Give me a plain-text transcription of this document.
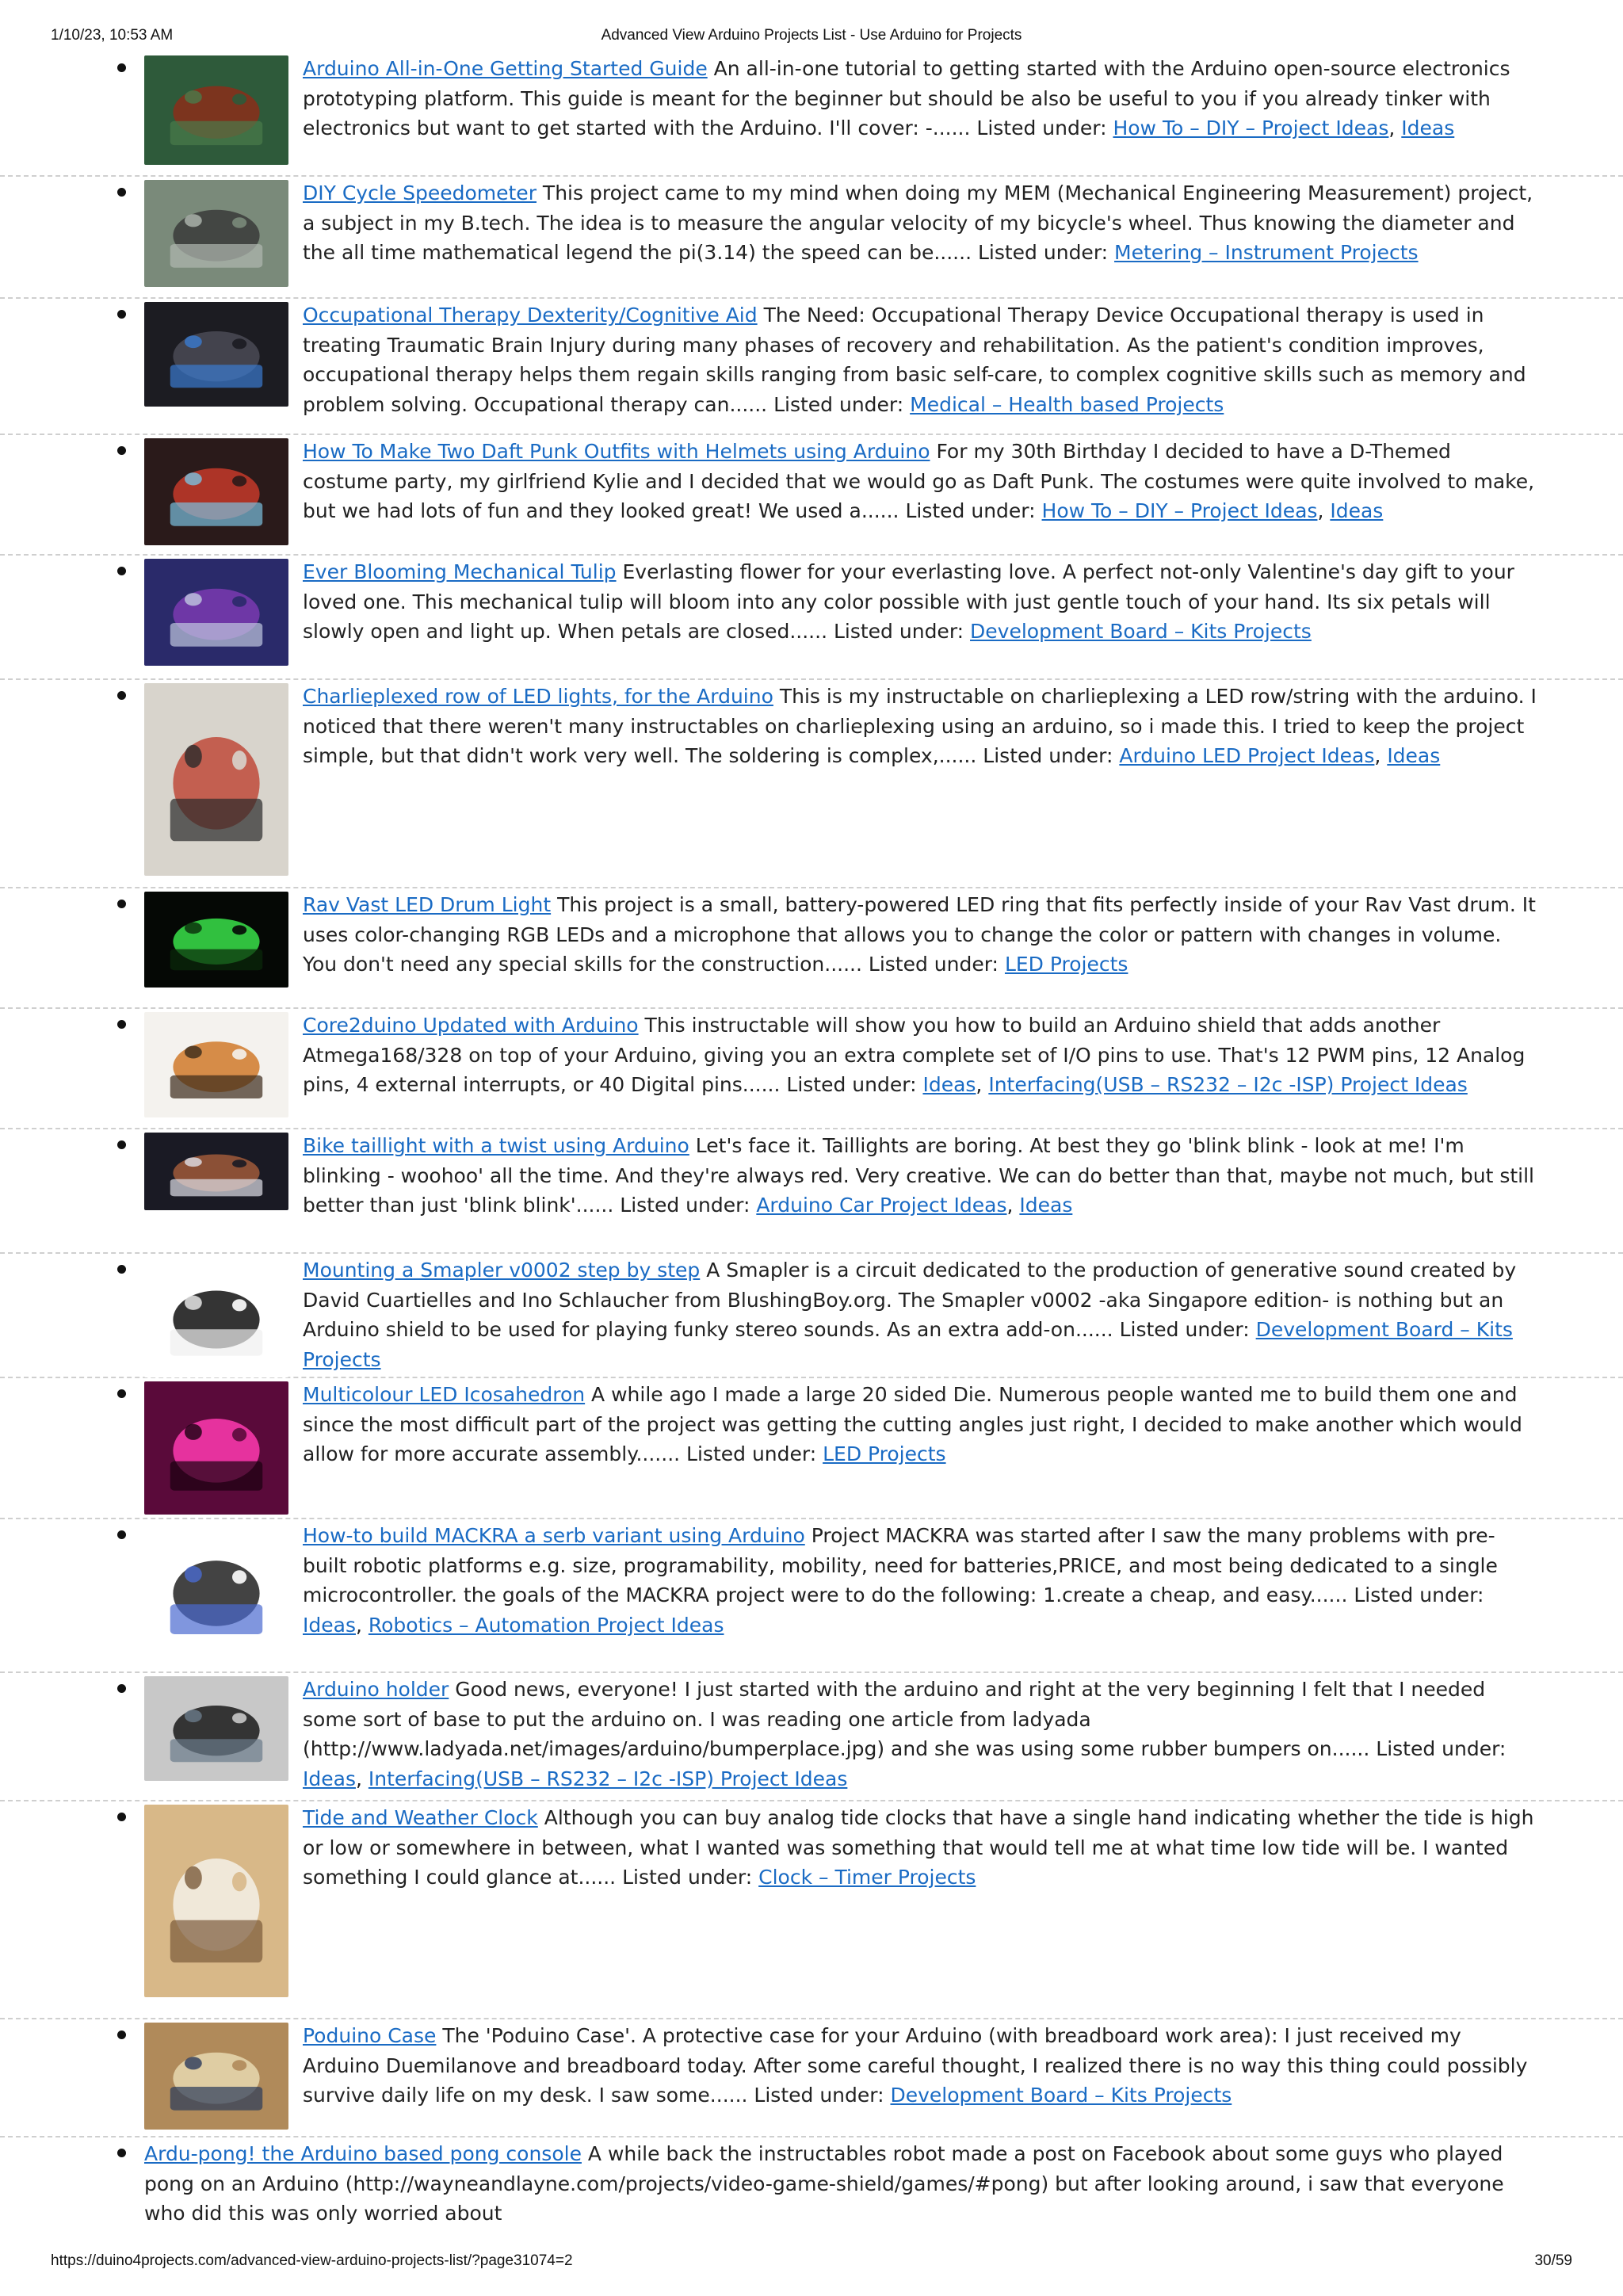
1/10/23, 10:53 AM	Advanced View Arduino Projects List - Use Arduino for Projects
Arduino All-in-One Getting Started Guide An all-in-one tutorial to getting started with the Arduino open-source electronics prototyping platform. This guide is meant for the beginner but should be also be useful to you if you already tinker with electronics but want to get started with the Arduino. I'll cover: -...... Listed under: How To – DIY – Project Ideas, Ideas
DIY Cycle Speedometer This project came to my mind when doing my MEM (Mechanical Engineering Measurement) project, a subject in my B.tech. The idea is to measure the angular velocity of my bicycle's wheel. Thus knowing the diameter and the all time mathematical legend the pi(3.14) the speed can be...... Listed under: Metering – Instrument Projects
Occupational Therapy Dexterity/Cognitive Aid The Need: Occupational Therapy Device Occupational therapy is used in treating Traumatic Brain Injury during many phases of recovery and rehabilitation. As the patient's condition improves, occupational therapy helps them regain skills ranging from basic self-care, to complex cognitive skills such as memory and problem solving. Occupational therapy can...... Listed under: Medical – Health based Projects
How To Make Two Daft Punk Outfits with Helmets using Arduino For my 30th Birthday I decided to have a D-Themed costume party, my girlfriend Kylie and I decided that we would go as Daft Punk. The costumes were quite involved to make, but we had lots of fun and they looked great! We used a...... Listed under: How To – DIY – Project Ideas, Ideas
Ever Blooming Mechanical Tulip Everlasting flower for your everlasting love. A perfect not-only Valentine's day gift to your loved one. This mechanical tulip will bloom into any color possible with just gentle touch of your hand. Its six petals will slowly open and light up. When petals are closed...... Listed under: Development Board – Kits Projects
Charlieplexed row of LED lights, for the Arduino This is my instructable on charlieplexing a LED row/string with the arduino. I noticed that there weren't many instructables on charlieplexing using an arduino, so i made this. I tried to keep the project simple, but that didn't work very well. The soldering is complex,...... Listed under: Arduino LED Project Ideas, Ideas
Rav Vast LED Drum Light This project is a small, battery-powered LED ring that fits perfectly inside of your Rav Vast drum. It uses color-changing RGB LEDs and a microphone that allows you to change the color or pattern with changes in volume. You don't need any special skills for the construction...... Listed under: LED Projects
Core2duino Updated with Arduino This instructable will show you how to build an Arduino shield that adds another Atmega168/328 on top of your Arduino, giving you an extra complete set of I/O pins to use. That's 12 PWM pins, 12 Analog pins, 4 external interrupts, or 40 Digital pins...... Listed under: Ideas, Interfacing(USB – RS232 – I2c -ISP) Project Ideas
Bike taillight with a twist using Arduino Let's face it. Taillights are boring. At best they go 'blink blink - look at me! I'm blinking - woohoo' all the time. And they're always red. Very creative. We can do better than that, maybe not much, but still better than just 'blink blink'...... Listed under: Arduino Car Project Ideas, Ideas
Mounting a Smapler v0002 step by step A Smapler is a circuit dedicated to the production of generative sound created by David Cuartielles and Ino Schlaucher from BlushingBoy.org. The Smapler v0002 -aka Singapore edition- is nothing but an Arduino shield to be used for playing funky stereo sounds. As an extra add-on...... Listed under: Development Board – Kits Projects
Multicolour LED Icosahedron A while ago I made a large 20 sided Die. Numerous people wanted me to build them one and since the most difficult part of the project was getting the cutting angles just right, I decided to make another which would allow for more accurate assembly....... Listed under: LED Projects
How-to build MACKRA a serb variant using Arduino Project MACKRA was started after I saw the many problems with pre-built robotic platforms e.g. size, programability, mobility, need for batteries,PRICE, and most being dedicated to a single microcontroller. the goals of the MACKRA project were to do the following: 1.create a cheap, and easy...... Listed under: Ideas, Robotics – Automation Project Ideas
Arduino holder Good news, everyone! I just started with the arduino and right at the very beginning I felt that I needed some sort of base to put the arduino on. I was reading one article from ladyada (http://www.ladyada.net/images/arduino/bumperplace.jpg) and she was using some rubber bumpers on...... Listed under: Ideas, Interfacing(USB – RS232 – I2c -ISP) Project Ideas
Tide and Weather Clock Although you can buy analog tide clocks that have a single hand indicating whether the tide is high or low or somewhere in between, what I wanted was something that would tell me at what time low tide will be. I wanted something I could glance at...... Listed under: Clock – Timer Projects
Poduino Case The 'Poduino Case'. A protective case for your Arduino (with breadboard work area): I just received my Arduino Duemilanove and breadboard today. After some careful thought, I realized there is no way this thing could possibly survive daily life on my desk. I saw some...... Listed under: Development Board – Kits Projects
Ardu-pong! the Arduino based pong console A while back the instructables robot made a post on Facebook about some guys who played pong on an Arduino (http://wayneandlayne.com/projects/video-game-shield/games/#pong) but after looking around, i saw that everyone who did this was only worried about
https://duino4projects.com/advanced-view-arduino-projects-list/?page31074=2	30/59
